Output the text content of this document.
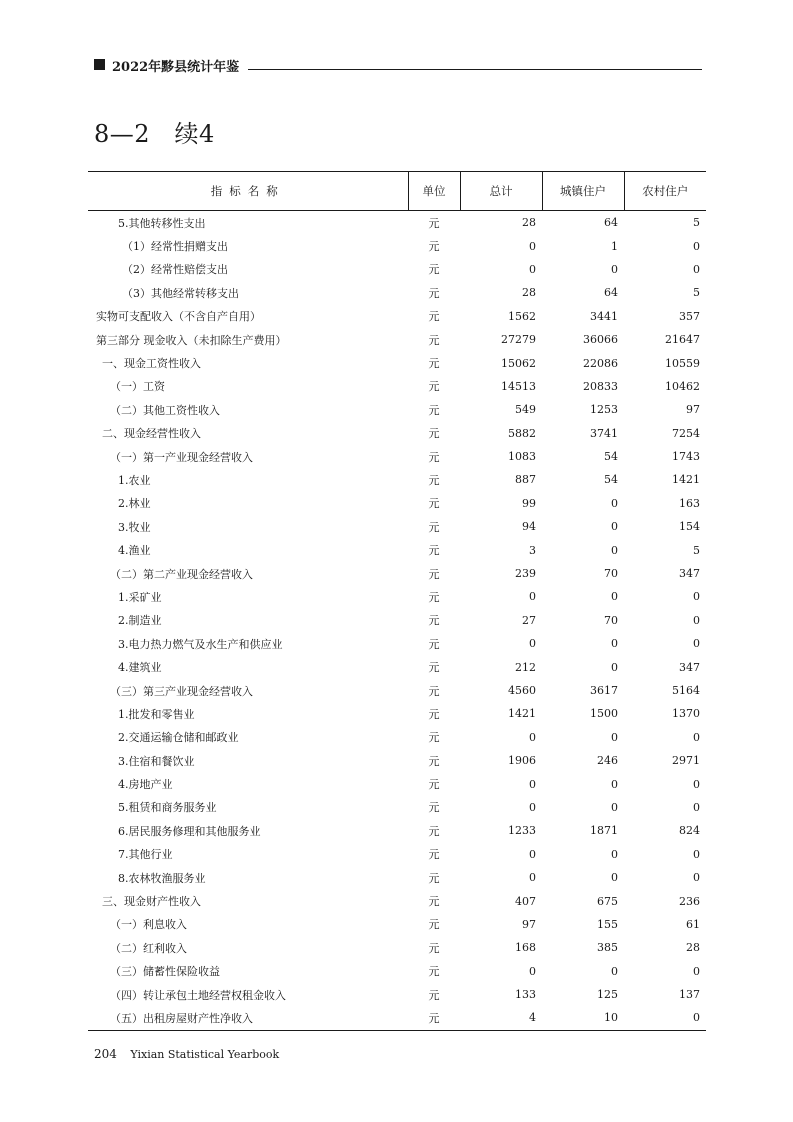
2022年黟县统计年鉴
8—2　续4
指标名称	单位	总计	城镇住户	农村住户
5.其他转移性支出	元	28	64	5
（1）经常性捐赠支出	元	0	1	0
（2）经常性赔偿支出	元	0	0	0
（3）其他经常转移支出	元	28	64	5
实物可支配收入（不含自产自用）	元	1562	3441	357
第三部分 现金收入（未扣除生产费用）	元	27279	36066	21647
一、现金工资性收入	元	15062	22086	10559
（一）工资	元	14513	20833	10462
（二）其他工资性收入	元	549	1253	97
二、现金经营性收入	元	5882	3741	7254
（一）第一产业现金经营收入	元	1083	54	1743
1.农业	元	887	54	1421
2.林业	元	99	0	163
3.牧业	元	94	0	154
4.渔业	元	3	0	5
（二）第二产业现金经营收入	元	239	70	347
1.采矿业	元	0	0	0
2.制造业	元	27	70	0
3.电力热力燃气及水生产和供应业	元	0	0	0
4.建筑业	元	212	0	347
（三）第三产业现金经营收入	元	4560	3617	5164
1.批发和零售业	元	1421	1500	1370
2.交通运输仓储和邮政业	元	0	0	0
3.住宿和餐饮业	元	1906	246	2971
4.房地产业	元	0	0	0
5.租赁和商务服务业	元	0	0	0
6.居民服务修理和其他服务业	元	1233	1871	824
7.其他行业	元	0	0	0
8.农林牧渔服务业	元	0	0	0
三、现金财产性收入	元	407	675	236
（一）利息收入	元	97	155	61
（二）红利收入	元	168	385	28
（三）储蓄性保险收益	元	0	0	0
（四）转让承包土地经营权租金收入	元	133	125	137
（五）出租房屋财产性净收入	元	4	10	0
204 Yixian Statistical Yearbook
